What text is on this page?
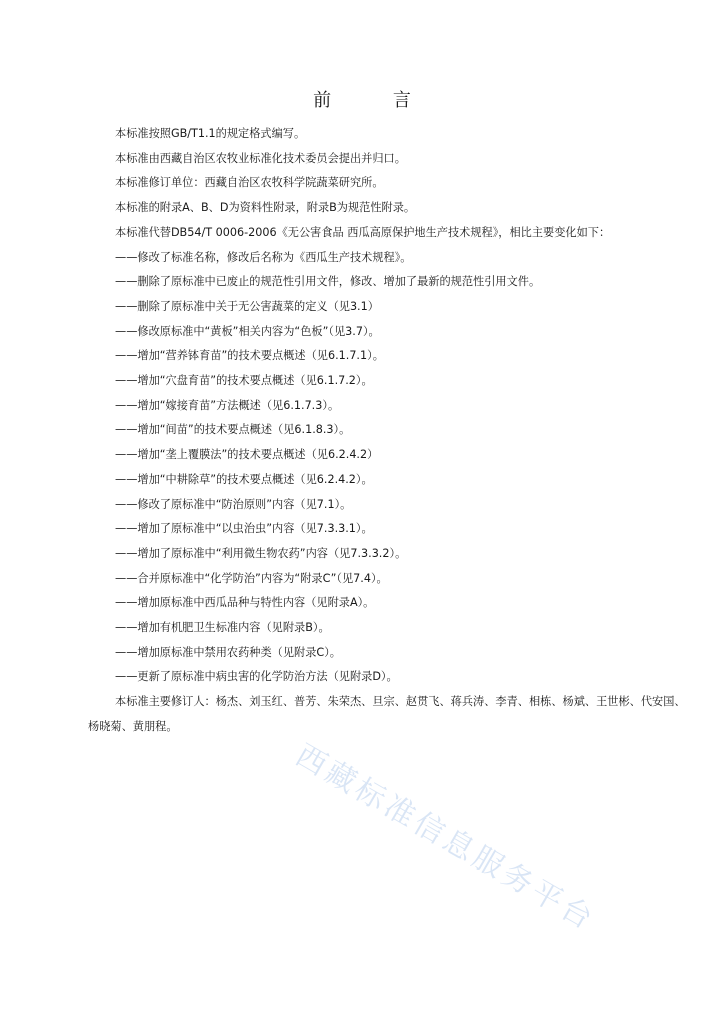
前 言

本标准按照GB/T1.1的规定格式编写。

本标准由西藏自治区农牧业标准化技术委员会提出并归口。

本标准修订单位：西藏自治区农牧科学院蔬菜研究所。

本标准的附录A、B、D为资料性附录，附录B为规范性附录。

本标准代替DB54/T 0006-2006《无公害食品 西瓜高原保护地生产技术规程》，相比主要变化如下：

——修改了标准名称，修改后名称为《西瓜生产技术规程》。

——删除了原标准中已废止的规范性引用文件，修改、增加了最新的规范性引用文件。

——删除了原标准中关于无公害蔬菜的定义（见3.1）

——修改原标准中“黄板”相关内容为“色板”（见3.7）。

——增加“营养钵育苗”的技术要点概述（见6.1.7.1）。

——增加“穴盘育苗”的技术要点概述（见6.1.7.2）。

——增加“嫁接育苗”方法概述（见6.1.7.3）。

——增加“间苗”的技术要点概述（见6.1.8.3）。

——增加“垄上覆膜法”的技术要点概述（见6.2.4.2）

——增加“中耕除草”的技术要点概述（见6.2.4.2）。

——修改了原标准中“防治原则”内容（见7.1）。

——增加了原标准中“以虫治虫”内容（见7.3.3.1）。

——增加了原标准中“利用微生物农药”内容（见7.3.3.2）。

——合并原标准中“化学防治”内容为“附录C”（见7.4）。

——增加原标准中西瓜品种与特性内容（见附录A）。

——增加有机肥卫生标准内容（见附录B）。

——增加原标准中禁用农药种类（见附录C）。

——更新了原标准中病虫害的化学防治方法（见附录D）。

本标准主要修订人：杨杰、刘玉红、普芳、朱荣杰、旦宗、赵贯飞、蒋兵涛、李青、相栋、杨斌、王世彬、代安国、杨晓菊、黄朋程。

西藏标准信息服务平台
